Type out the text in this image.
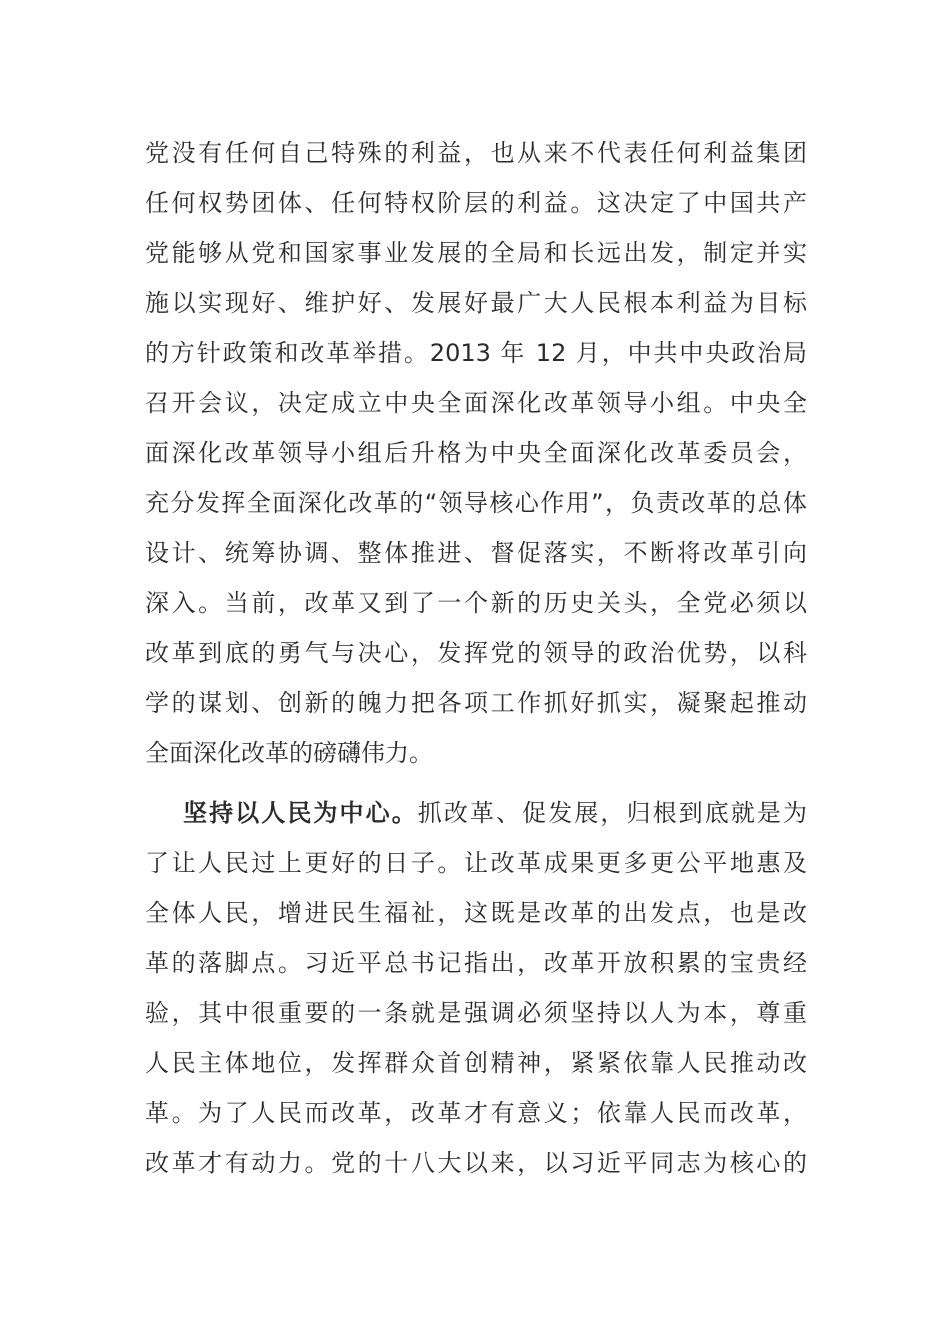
党没有任何自己特殊的利益，也从来不代表任何利益集团
任何权势团体、任何特权阶层的利益。这决定了中国共产
党能够从党和国家事业发展的全局和长远出发，制定并实
施以实现好、维护好、发展好最广大人民根本利益为目标
的方针政策和改革举措。2013 年 12 月，中共中央政治局
召开会议，决定成立中央全面深化改革领导小组。中央全
面深化改革领导小组后升格为中央全面深化改革委员会，
充分发挥全面深化改革的“领导核心作用”，负责改革的总体
设计、统筹协调、整体推进、督促落实，不断将改革引向
深入。当前，改革又到了一个新的历史关头，全党必须以
改革到底的勇气与决心，发挥党的领导的政治优势，以科
学的谋划、创新的魄力把各项工作抓好抓实，凝聚起推动
全面深化改革的磅礴伟力。
坚持以人民为中心。抓改革、促发展，归根到底就是为
了让人民过上更好的日子。让改革成果更多更公平地惠及
全体人民，增进民生福祉，这既是改革的出发点，也是改
革的落脚点。习近平总书记指出，改革开放积累的宝贵经
验，其中很重要的一条就是强调必须坚持以人为本，尊重
人民主体地位，发挥群众首创精神，紧紧依靠人民推动改
革。为了人民而改革，改革才有意义；依靠人民而改革，
改革才有动力。党的十八大以来，以习近平同志为核心的
